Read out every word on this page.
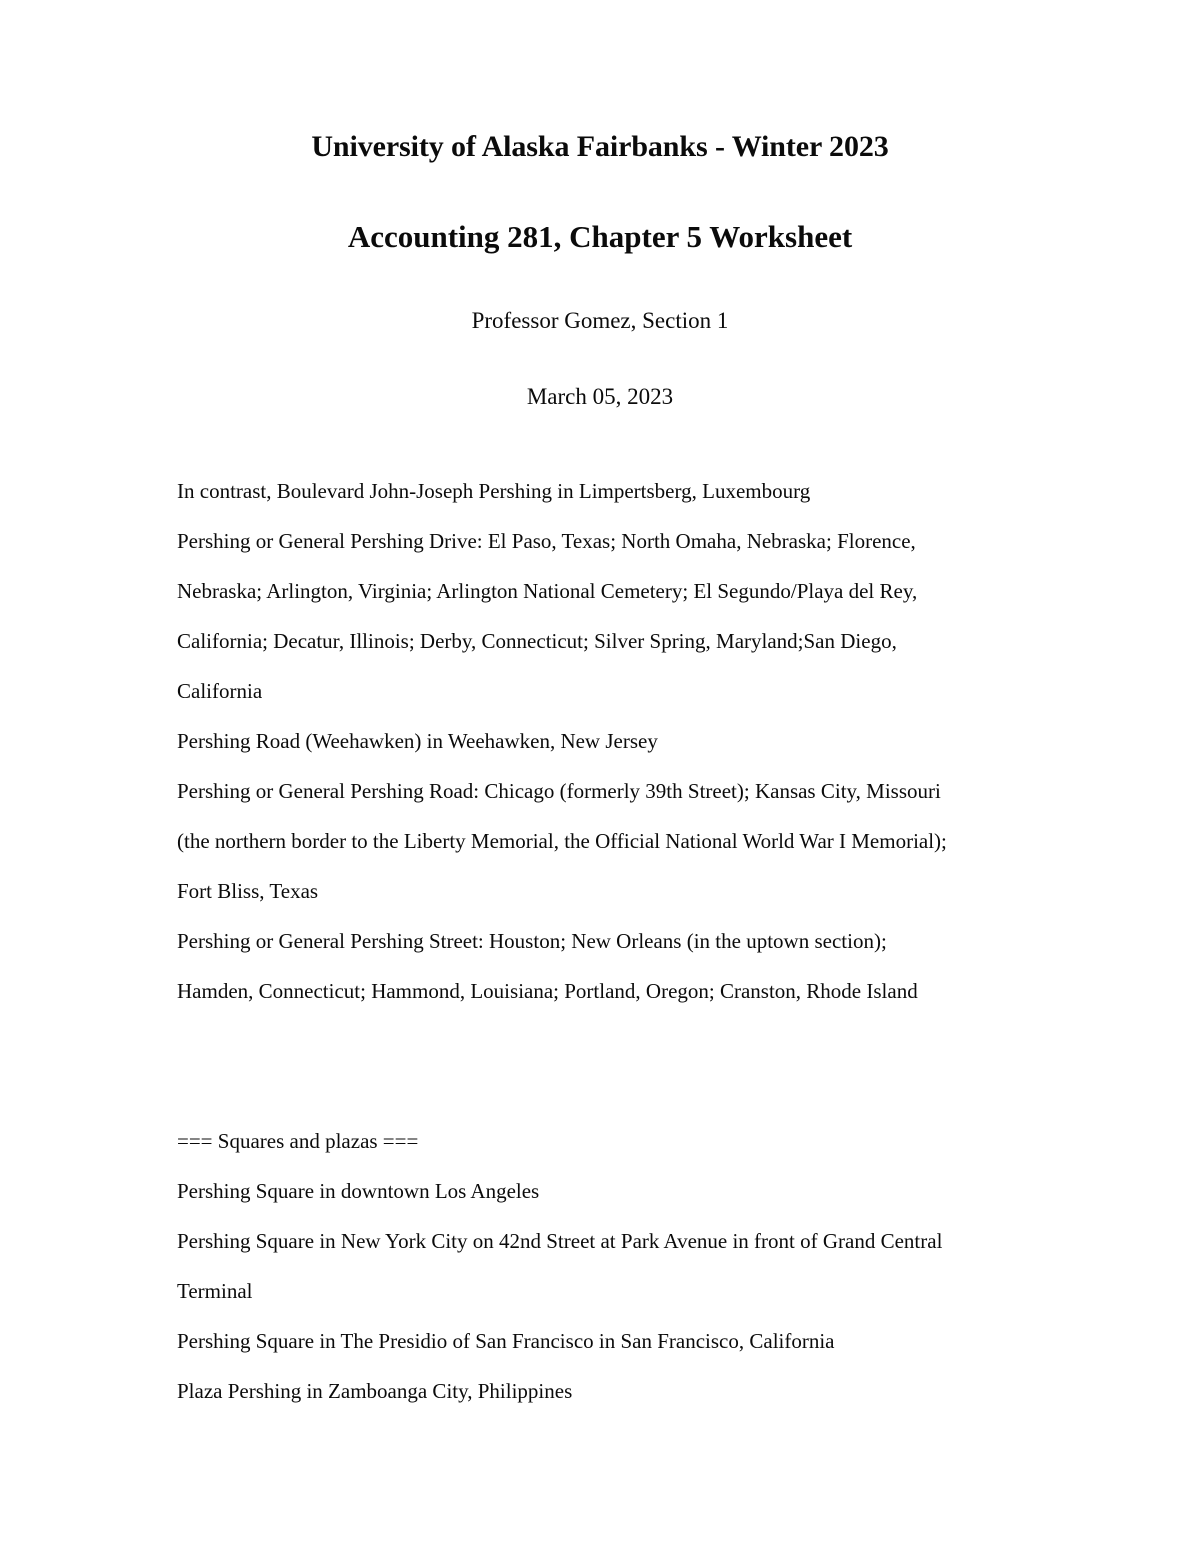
University of Alaska Fairbanks - Winter 2023
Accounting 281, Chapter 5 Worksheet

Professor Gomez, Section 1

March 05, 2023

In contrast, Boulevard John-Joseph Pershing in Limpertsberg, Luxembourg

Pershing or General Pershing Drive: El Paso, Texas; North Omaha, Nebraska; Florence,

Nebraska; Arlington, Virginia; Arlington National Cemetery; El Segundo/Playa del Rey,

California; Decatur, Illinois; Derby, Connecticut; Silver Spring, Maryland;San Diego,

California

Pershing Road (Weehawken) in Weehawken, New Jersey

Pershing or General Pershing Road: Chicago (formerly 39th Street); Kansas City, Missouri

(the northern border to the Liberty Memorial, the Official National World War I Memorial);

Fort Bliss, Texas

Pershing or General Pershing Street: Houston; New Orleans (in the uptown section);

Hamden, Connecticut; Hammond, Louisiana; Portland, Oregon; Cranston, Rhode Island

=== Squares and plazas ===

Pershing Square in downtown Los Angeles

Pershing Square in New York City on 42nd Street at Park Avenue in front of Grand Central

Terminal

Pershing Square in The Presidio of San Francisco in San Francisco, California

Plaza Pershing in Zamboanga City, Philippines
